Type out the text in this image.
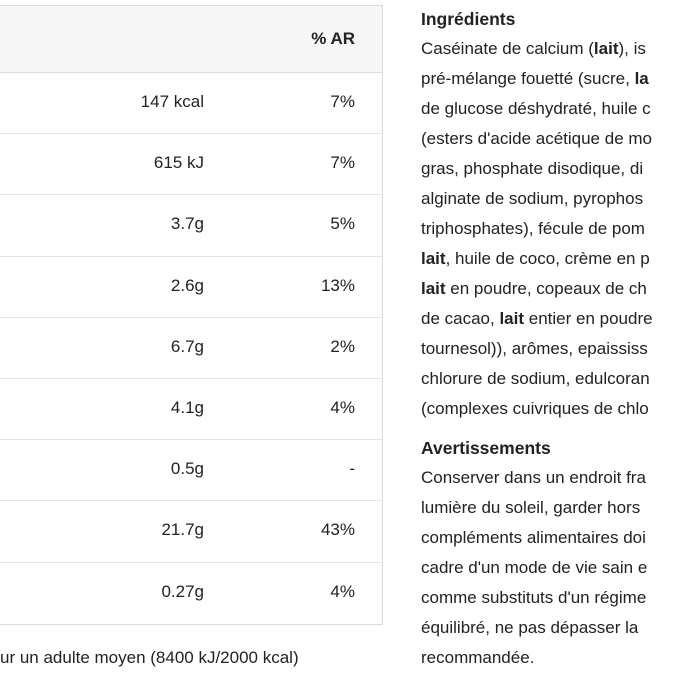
% AR
147 kcal	7%
615 kJ	7%
3.7g	5%
2.6g	13%
6.7g	2%
4.1g	4%
0.5g	-
21.7g	43%
0.27g	4%
ur un adulte moyen (8400 kJ/2000 kcal)
Ingrédients
Caséinate de calcium (lait), is
pré-mélange fouetté (sucre, la
de glucose déshydraté, huile c
(esters d'acide acétique de mo
gras, phosphate disodique, di
alginate de sodium, pyrophos
triphosphates), fécule de pom
lait, huile de coco, crème en p
lait en poudre, copeaux de ch
de cacao, lait entier en poudre
tournesol)), arômes, epaississ
chlorure de sodium, edulcoran
(complexes cuivriques de chlo
Avertissements
Conserver dans un endroit fra
lumière du soleil, garder hors
compléments alimentaires doi
cadre d'un mode de vie sain e
comme substituts d'un régime
équilibré, ne pas dépasser la
recommandée.
